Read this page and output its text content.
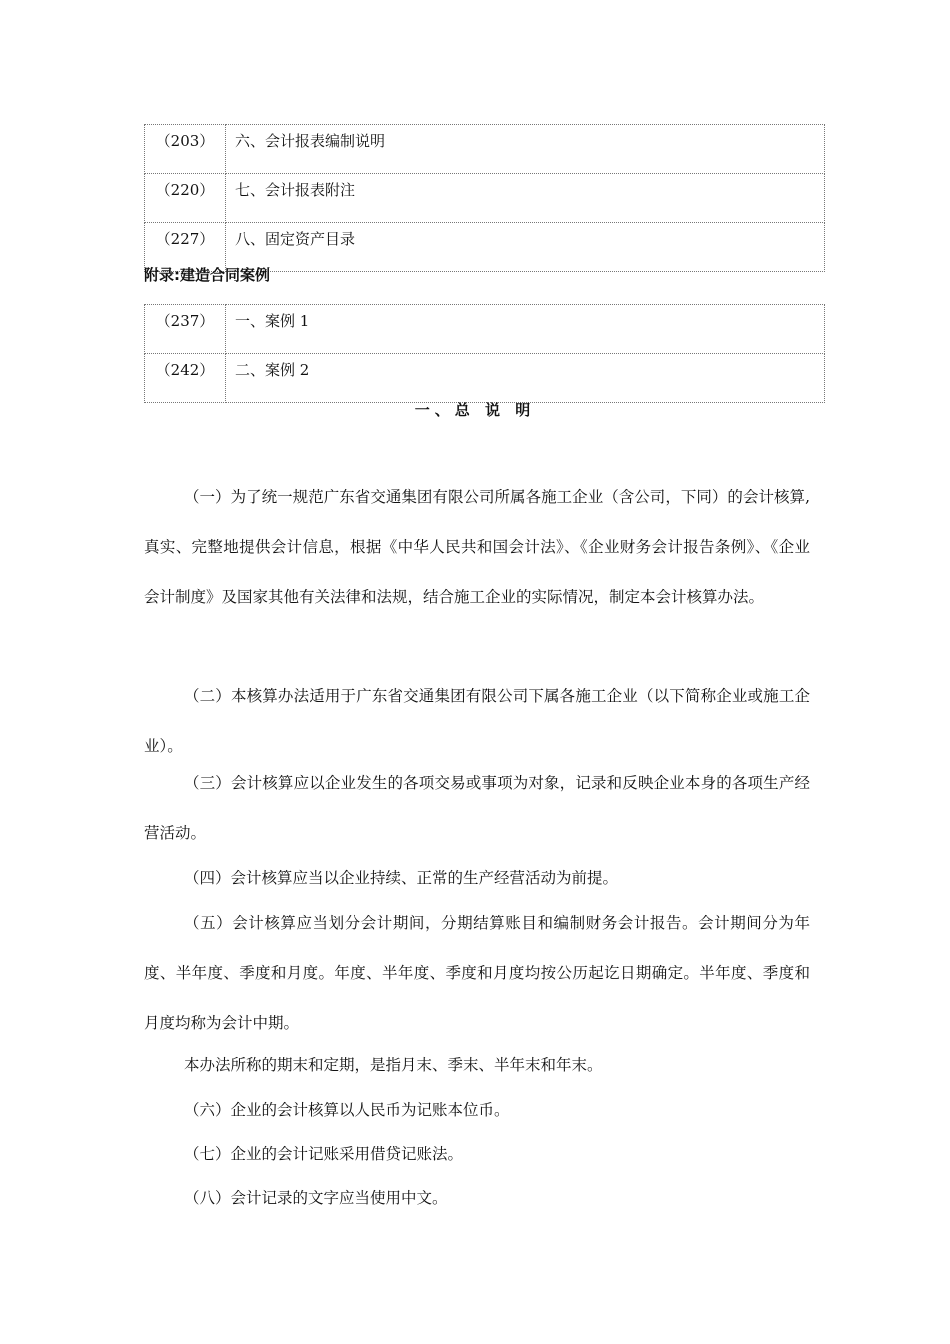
（203）	六、会计报表编制说明
（220）	七、会计报表附注
（227）	八、固定资产目录
附录:建造合同案例
（237）	一、案例 1
（242）	二、案例 2
一、总 说 明

（一）为了统一规范广东省交通集团有限公司所属各施工企业（含公司，下同）的会计核算,真实、完整地提供会计信息，根据《中华人民共和国会计法》、《企业财务会计报告条例》、《企业会计制度》及国家其他有关法律和法规，结合施工企业的实际情况，制定本会计核算办法。

（二）本核算办法适用于广东省交通集团有限公司下属各施工企业（以下简称企业或施工企业）。

（三）会计核算应以企业发生的各项交易或事项为对象，记录和反映企业本身的各项生产经营活动。

（四）会计核算应当以企业持续、正常的生产经营活动为前提。

（五）会计核算应当划分会计期间，分期结算账目和编制财务会计报告。会计期间分为年度、半年度、季度和月度。年度、半年度、季度和月度均按公历起讫日期确定。半年度、季度和月度均称为会计中期。

本办法所称的期末和定期，是指月末、季末、半年末和年末。

（六）企业的会计核算以人民币为记账本位币。

（七）企业的会计记账采用借贷记账法。

（八）会计记录的文字应当使用中文。
